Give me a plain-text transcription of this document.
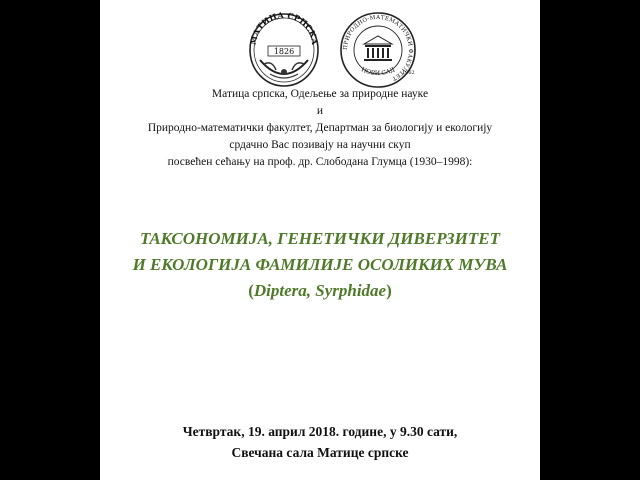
МАТИЦА СРПСКА
1826	ПРИРОДНО-МАТЕМАТИЧКИ ФАКУЛТЕТ
НОВИ САД 1962
Матица српска, Одељење за природне науке
и
Природно-математички факултет, Департман за биологију и екологију
срдачно Вас позивају на научни скуп
посвећен сећању на проф. др. Слободана Глумца (1930–1998):
ТАКСОНОМИЈА, ГЕНЕТИЧКИ ДИВЕРЗИТЕТ
И ЕКОЛОГИЈА ФАМИЛИЈЕ ОСОЛИКИХ МУВА
(Diptera, Syrphidae)
Четвртак, 19. април 2018. године, у 9.30 сати,
Свечана сала Матице српске
